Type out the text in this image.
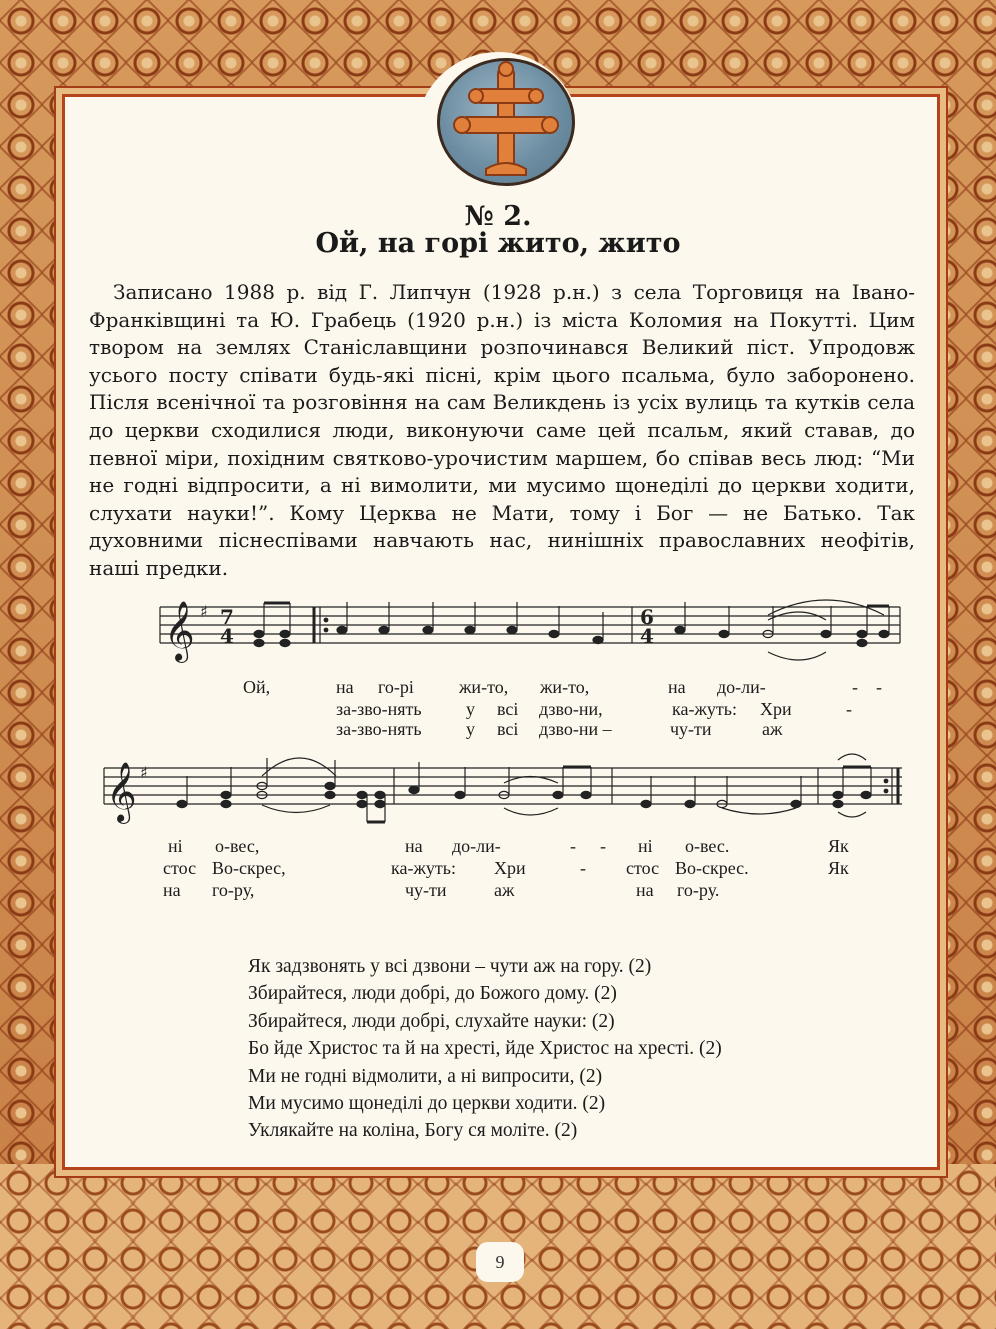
№ 2.
Ой, на горі жито, жито
Записано 1988 р. від Г. Липчун (1928 р.н.) з села Торговиця на Івано-Франківщині та Ю. Грабець (1920 р.н.) із міста Коломия на Покутті. Цим твором на землях Станіславщини розпочинався Великий піст. Упродовж усього посту співати будь-які пісні, крім цього псальма, було заборонено. Після всенічної та розговіння на сам Великдень із усіх вулиць та кутків села до церкви сходилися люди, виконуючи саме цей псальм, який ставав, до певної міри, похідним святково-урочистим маршем, бо співав весь люд: “Ми не годні відпросити, а ні вимолити, ми мусимо щонеділі до церкви ходити, слухати науки!”. Кому Церква не Мати, тому і Бог — не Батько. Так духовними піснеспівами навчають нас, нинішніх православних неофітів, наші предки.
𝄞
𝄞
♯
♯
7
4
6
4
Ой,	на го-рі	жи-то, жи-то,	на до-ли-	- -
за-зво-нять у всі дзво-ни,	ка-жуть: Хри	-
за-зво-нять у всі дзво-ни –	чу-ти	аж
ні о-вес,	на до-ли-	- - ні о-вес.	Як
стос Во-скрес,	ка-жуть: Хри	- стос Во-скрес.	Як
на го-ру,	чу-ти	аж	на го-ру.
Як задзвонять у всі дзвони – чути аж на гору. (2)
Збирайтеся, люди добрі, до Божого дому. (2)
Збирайтеся, люди добрі, слухайте науки: (2)
Бо йде Христос та й на хресті, йде Христос на хресті. (2)
Ми не годні відмолити, а ні випросити, (2)
Ми мусимо щонеділі до церкви ходити. (2)
Уклякайте на коліна, Богу ся моліте. (2)
9
